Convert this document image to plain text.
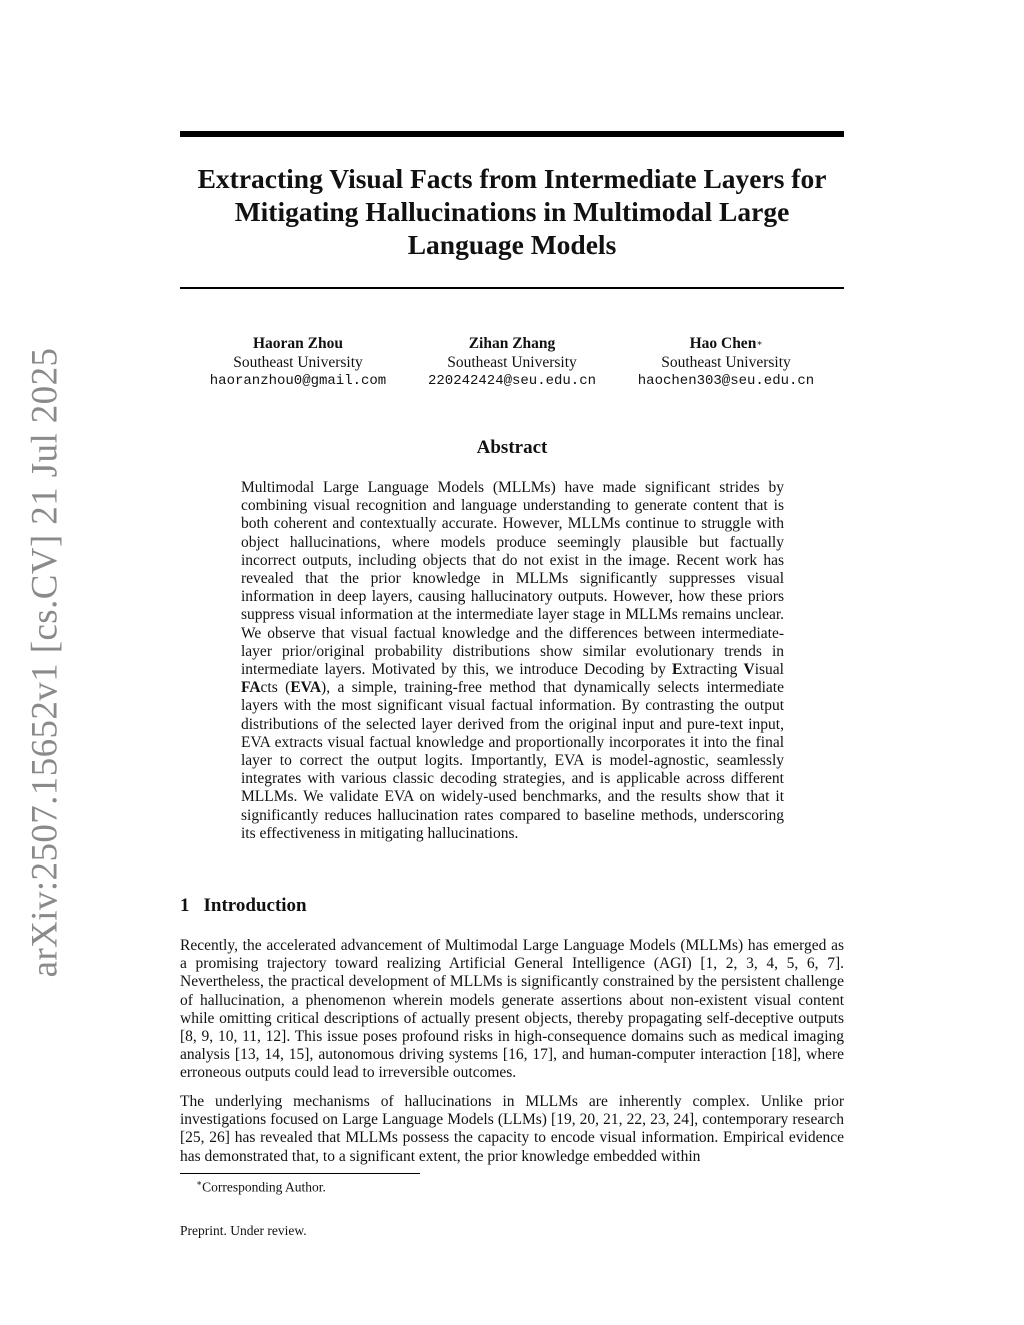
arXiv:2507.15652v1 [cs.CV] 21 Jul 2025
Extracting Visual Facts from Intermediate Layers for Mitigating Hallucinations in Multimodal Large Language Models
Haoran Zhou
Southeast University
haoranzhou0@gmail.com
Zihan Zhang
Southeast University
220242424@seu.edu.cn
Hao Chen∗
Southeast University
haochen303@seu.edu.cn
Abstract

Multimodal Large Language Models (MLLMs) have made significant strides by combining visual recognition and language understanding to generate content that is both coherent and contextually accurate. However, MLLMs continue to struggle with object hallucinations, where models produce seemingly plausible but factually incorrect outputs, including objects that do not exist in the image. Recent work has revealed that the prior knowledge in MLLMs significantly suppresses visual information in deep layers, causing hallucinatory outputs. However, how these priors suppress visual information at the intermediate layer stage in MLLMs remains unclear. We observe that visual factual knowledge and the differences between intermediate-layer prior/original probability distributions show similar evolutionary trends in intermediate layers. Motivated by this, we introduce Decoding by Extracting Visual FActs (EVA), a simple, training-free method that dynamically selects intermediate layers with the most significant visual factual information. By contrasting the output distributions of the selected layer derived from the original input and pure-text input, EVA extracts visual factual knowledge and proportionally incorporates it into the final layer to correct the output logits. Importantly, EVA is model-agnostic, seamlessly integrates with various classic decoding strategies, and is applicable across different MLLMs. We validate EVA on widely-used benchmarks, and the results show that it significantly reduces hallucination rates compared to baseline methods, underscoring its effectiveness in mitigating hallucinations.

1 Introduction

Recently, the accelerated advancement of Multimodal Large Language Models (MLLMs) has emerged as a promising trajectory toward realizing Artificial General Intelligence (AGI) [1, 2, 3, 4, 5, 6, 7]. Nevertheless, the practical development of MLLMs is significantly constrained by the persistent challenge of hallucination, a phenomenon wherein models generate assertions about non-existent visual content while omitting critical descriptions of actually present objects, thereby propagating self-deceptive outputs [8, 9, 10, 11, 12]. This issue poses profound risks in high-consequence domains such as medical imaging analysis [13, 14, 15], autonomous driving systems [16, 17], and human-computer interaction [18], where erroneous outputs could lead to irreversible outcomes.

The underlying mechanisms of hallucinations in MLLMs are inherently complex. Unlike prior investigations focused on Large Language Models (LLMs) [19, 20, 21, 22, 23, 24], contemporary research [25, 26] has revealed that MLLMs possess the capacity to encode visual information. Empirical evidence has demonstrated that, to a significant extent, the prior knowledge embedded within

∗Corresponding Author.

Preprint. Under review.
